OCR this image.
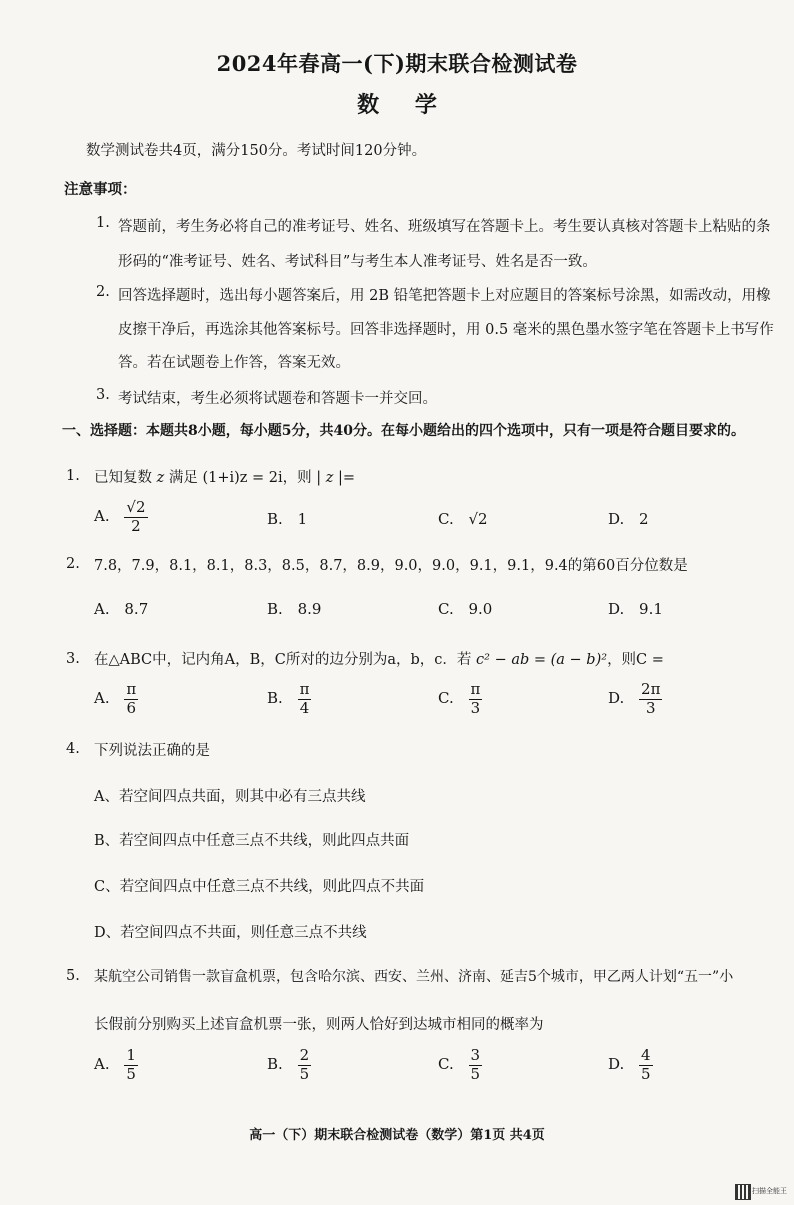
2024年春高一(下)期末联合检测试卷
数 学
数学测试卷共4页，满分150分。考试时间120分钟。
注意事项：
1. 答题前，考生务必将自己的准考证号、姓名、班级填写在答题卡上。考生要认真核对答题卡上粘贴的条
形码的“准考证号、姓名、考试科目”与考生本人准考证号、姓名是否一致。
2. 回答选择题时，选出每小题答案后，用 2B 铅笔把答题卡上对应题目的答案标号涂黑，如需改动，用橡
皮擦干净后，再选涂其他答案标号。回答非选择题时，用 0.5 毫米的黑色墨水签字笔在答题卡上书写作
答。若在试题卷上作答，答案无效。
3. 考试结束，考生必须将试题卷和答题卡一并交回。
一、选择题：本题共8小题，每小题5分，共40分。在每小题给出的四个选项中，只有一项是符合题目要求的。
1. 已知复数 z 满足 (1+i)z = 2i，则 | z |=
A. $\frac{√2}{2}$	B. 1	C. √2	D. 2
2. 7.8，7.9，8.1，8.1，8.3，8.5，8.7，8.9，9.0，9.0，9.1，9.1，9.4的第60百分位数是
A. 8.7	B. 8.9	C. 9.0	D. 9.1
3. 在△ABC中，记内角A，B，C所对的边分别为a，b，c．若 c² − ab = (a − b)²，则C =
A. $\frac{\pi}{6}$	B. $\frac{\pi}{4}$	C. $\frac{\pi}{3}$	D. $\frac{2\pi}{3}$
4. 下列说法正确的是
A、若空间四点共面，则其中必有三点共线
B、若空间四点中任意三点不共线，则此四点共面
C、若空间四点中任意三点不共线，则此四点不共面
D、若空间四点不共面，则任意三点不共线
5. 某航空公司销售一款盲盒机票，包含哈尔滨、西安、兰州、济南、延吉5个城市，甲乙两人计划“五一”小
长假前分别购买上述盲盒机票一张，则两人恰好到达城市相同的概率为
A. $\frac{1}{5}$	B. $\frac{2}{5}$	C. $\frac{3}{5}$	D. $\frac{4}{5}$
高一（下）期末联合检测试卷（数学）第1页 共4页
扫描全能王
